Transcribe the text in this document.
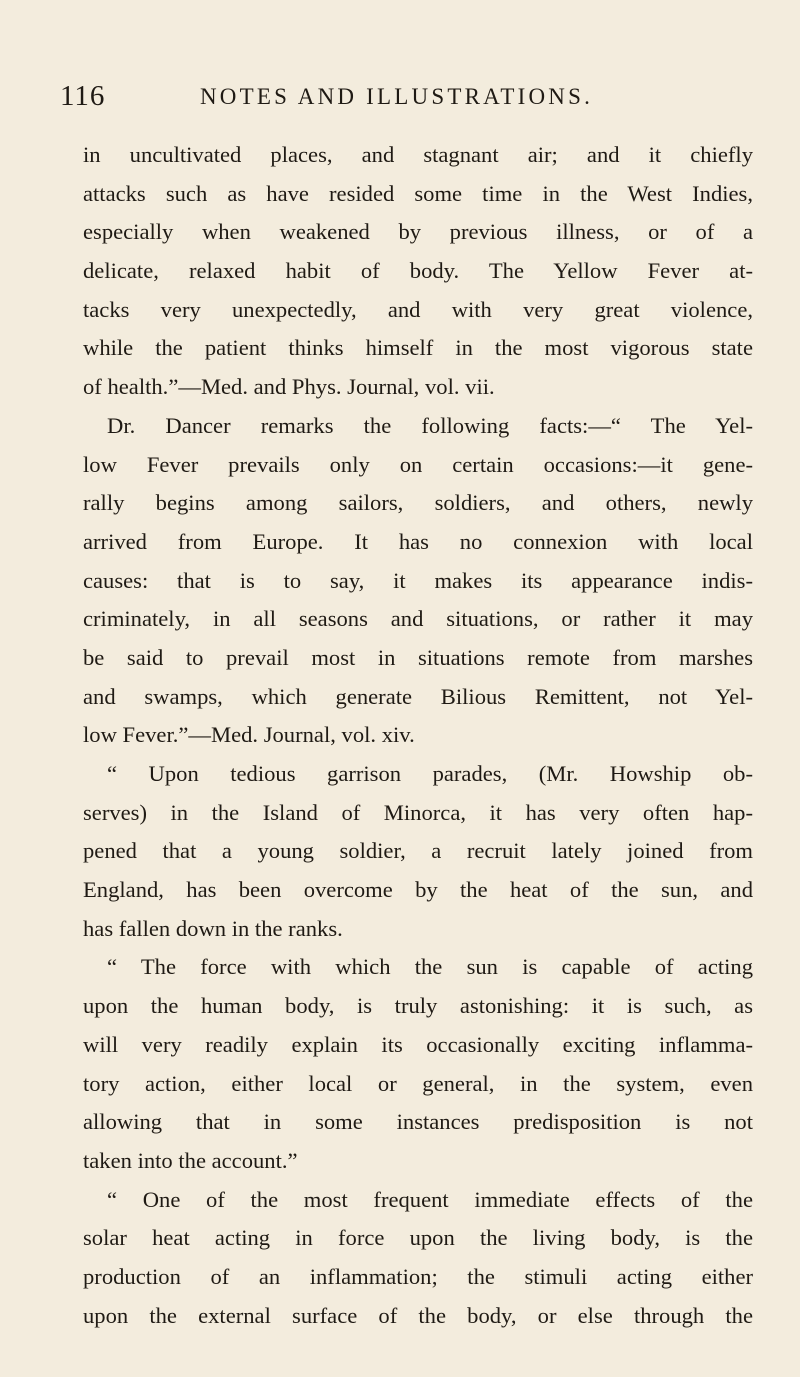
116	NOTES AND ILLUSTRATIONS.
in uncultivated places, and stagnant air; and it chiefly
attacks such as have resided some time in the West Indies,
especially when weakened by previous illness, or of a
delicate, relaxed habit of body. The Yellow Fever at-
tacks very unexpectedly, and with very great violence,
while the patient thinks himself in the most vigorous state
of health.”—Med. and Phys. Journal, vol. vii.
Dr. Dancer remarks the following facts:—“ The Yel-
low Fever prevails only on certain occasions:—it gene-
rally begins among sailors, soldiers, and others, newly
arrived from Europe. It has no connexion with local
causes: that is to say, it makes its appearance indis-
criminately, in all seasons and situations, or rather it may
be said to prevail most in situations remote from marshes
and swamps, which generate Bilious Remittent, not Yel-
low Fever.”—Med. Journal, vol. xiv.
“ Upon tedious garrison parades, (Mr. Howship ob-
serves) in the Island of Minorca, it has very often hap-
pened that a young soldier, a recruit lately joined from
England, has been overcome by the heat of the sun, and
has fallen down in the ranks.
“ The force with which the sun is capable of acting
upon the human body, is truly astonishing: it is such, as
will very readily explain its occasionally exciting inflamma-
tory action, either local or general, in the system, even
allowing that in some instances predisposition is not
taken into the account.”
“ One of the most frequent immediate effects of the
solar heat acting in force upon the living body, is the
production of an inflammation; the stimuli acting either
upon the external surface of the body, or else through the
